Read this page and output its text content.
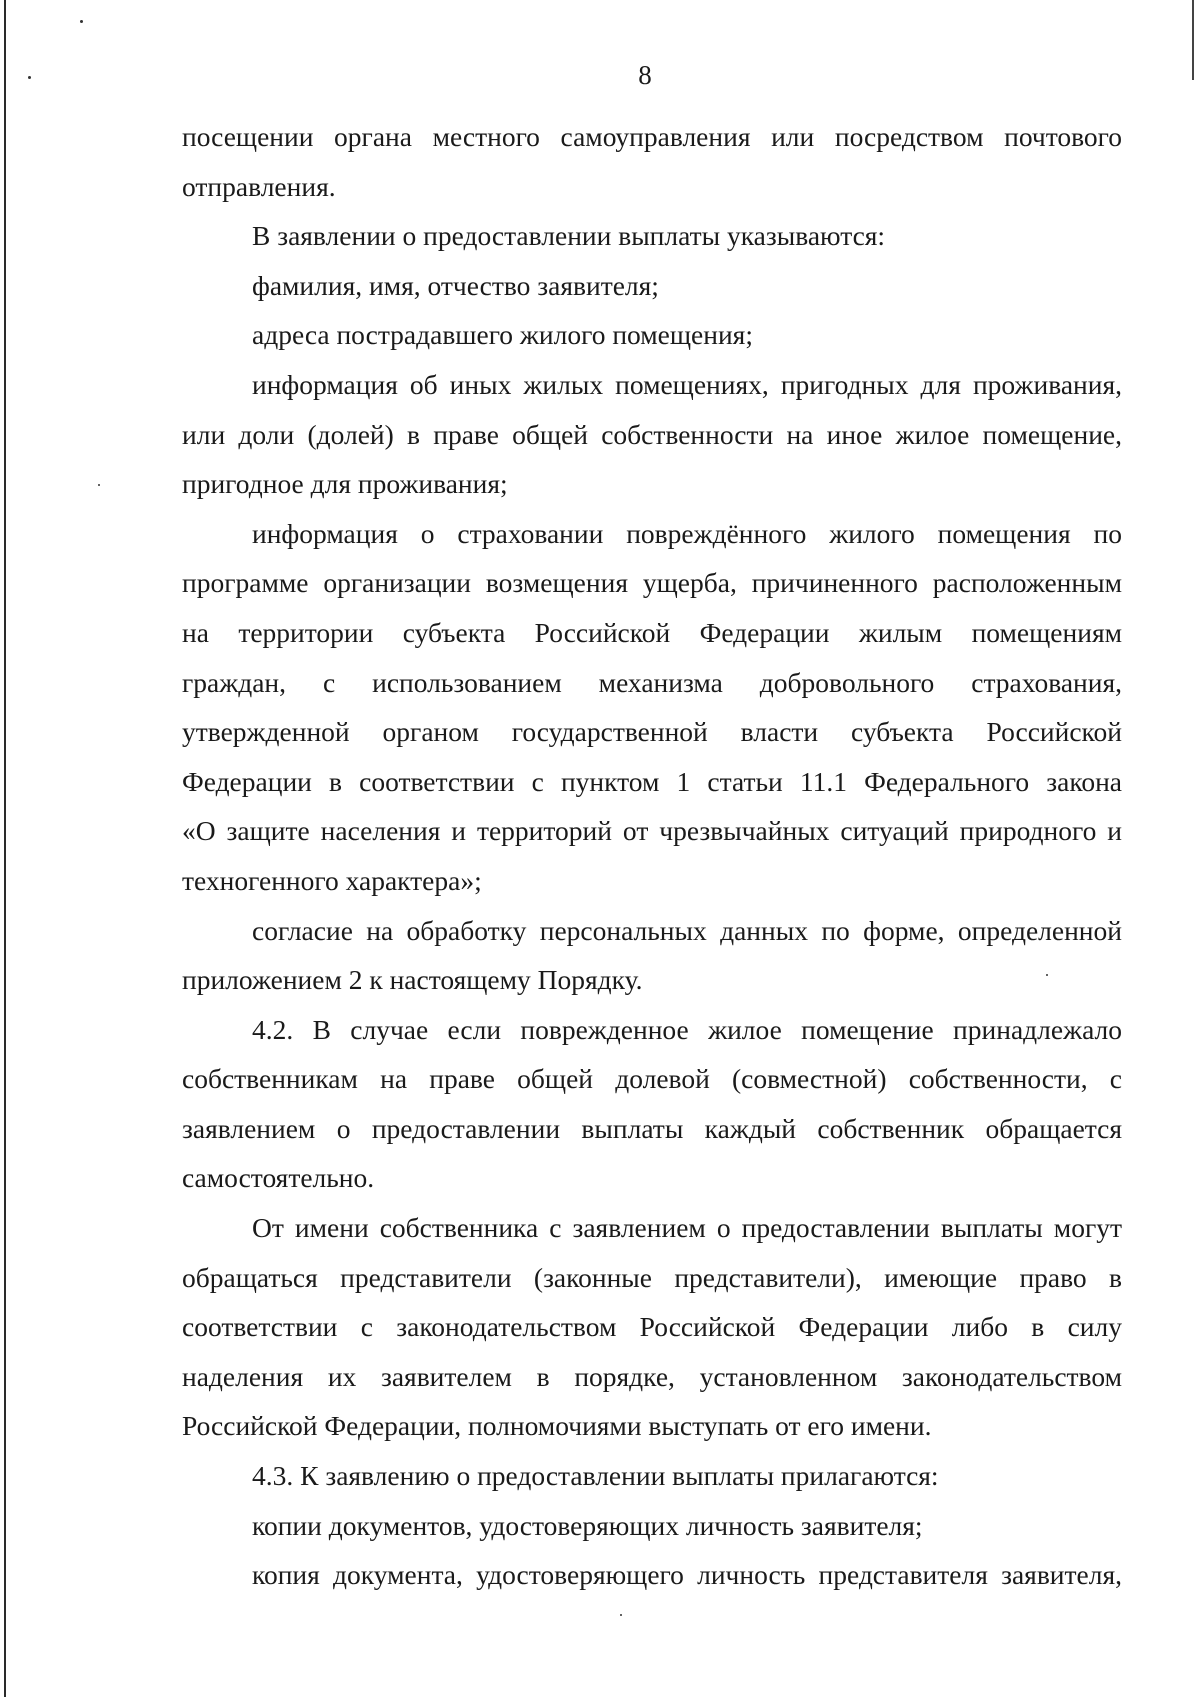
8
посещении органа местного самоуправления или посредством почтового
отправления.
В заявлении о предоставлении выплаты указываются:
фамилия, имя, отчество заявителя;
адреса пострадавшего жилого помещения;
информация об иных жилых помещениях, пригодных для проживания,
или доли (долей) в праве общей собственности на иное жилое помещение,
пригодное для проживания;
информация о страховании повреждённого жилого помещения по
программе организации возмещения ущерба, причиненного расположенным
на территории субъекта Российской Федерации жилым помещениям
граждан, с использованием механизма добровольного страхования,
утвержденной органом государственной власти субъекта Российской
Федерации в соответствии с пунктом 1 статьи 11.1 Федерального закона
«О защите населения и территорий от чрезвычайных ситуаций природного и
техногенного характера»;
согласие на обработку персональных данных по форме, определенной
приложением 2 к настоящему Порядку.
4.2. В случае если поврежденное жилое помещение принадлежало
собственникам на праве общей долевой (совместной) собственности, с
заявлением о предоставлении выплаты каждый собственник обращается
самостоятельно.
От имени собственника с заявлением о предоставлении выплаты могут
обращаться представители (законные представители), имеющие право в
соответствии с законодательством Российской Федерации либо в силу
наделения их заявителем в порядке, установленном законодательством
Российской Федерации, полномочиями выступать от его имени.
4.3. К заявлению о предоставлении выплаты прилагаются:
копии документов, удостоверяющих личность заявителя;
копия документа, удостоверяющего личность представителя заявителя,
